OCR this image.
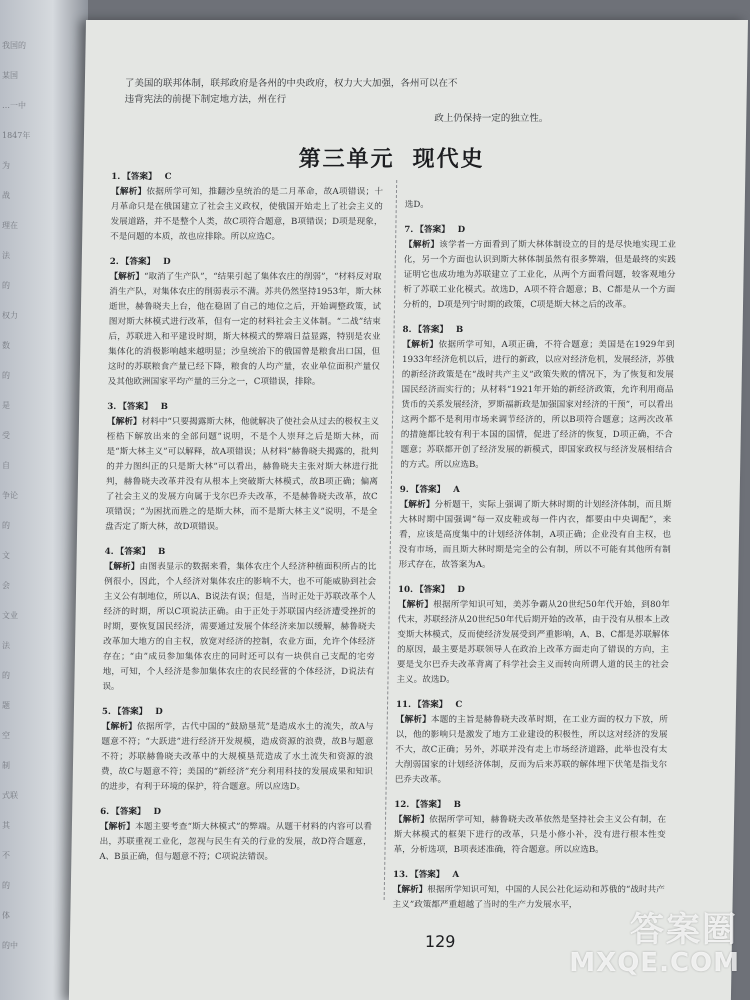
我国的
某国
…一中
1847年
为
战
理在
法
的
权力
数
的
是
受
自
争论
的
文
会
文业
法
的
题
空
制
式联
其
不
的
体
的中
了美国的联邦体制，联邦政府是各州的中央政府，权力大大加强，各州可以在不违背宪法的前提下制定地方法，州在行
政上仍保持一定的独立性。
第三单元 现代史
1. 【答案】 C
【解析】依据所学可知，推翻沙皇统治的是二月革命，故A项错误；十月革命只是在俄国建立了社会主义政权，使俄国开始走上了社会主义的发展道路，并不是整个人类，故C项符合题意，B项错误；D项是现象，不是问题的本质，故也应排除。所以应选C。
2. 【答案】 D
【解析】“取消了生产队”，“结果引起了集体农庄的削弱”，“材料反对取消生产队，对集体农庄的削弱表示不满。苏共仍然坚持1953年，斯大林逝世，赫鲁晓夫上台，他在稳固了自己的地位之后，开始调整政策，试图对斯大林模式进行改革，但有一定的材料社会主义体制。“二战”结束后，苏联进入和平建设时期，斯大林模式的弊端日益显露，特别是农业集体化的消极影响越来越明显；沙皇统治下的俄国曾是粮食出口国，但这时的苏联粮食产量已经下降，粮食的人均产量，农业单位面积产量仅及其他欧洲国家平均产量的三分之一，C项错误，排除。
3. 【答案】 B
【解析】材料中“只要揭露斯大林，他就解决了使社会从过去的极权主义桎梏下解放出来的全部问题”说明，不是个人崇拜之后是斯大林，而是“斯大林主义”可以解释，故A项错误；从材料“赫鲁晓夫揭露的，批判的并力图纠正的只是斯大林”可以看出，赫鲁晓夫主张对斯大林进行批判，赫鲁晓夫改革并没有从根本上突破斯大林模式，故B项正确；偏离了社会主义的发展方向属于戈尔巴乔夫改革，不是赫鲁晓夫改革，故C项错误；“为困扰而胜之的是斯大林，而不是斯大林主义”说明，不是全盘否定了斯大林，故D项错误。
4. 【答案】 B
【解析】由图表显示的数据来看，集体农庄个人经济种植面积所占的比例很小，因此，个人经济对集体农庄的影响不大，也不可能威胁到社会主义公有制地位，所以A、B说法有误；但是，当时正处于苏联改革个人经济的时期，所以C项说法正确。由于正处于苏联国内经济遭受挫折的时期，要恢复国民经济，需要通过发展个体经济来加以缓解，赫鲁晓夫改革加大地方的自主权，放宽对经济的控制，农业方面，允许个体经济存在；“由”成员参加集体农庄的同时还可以有一块供自己支配的宅旁地，可知，个人经济是参加集体农庄的农民经营的个体经济，D说法有误。
5. 【答案】 D
【解析】依据所学，古代中国的“鼓励垦荒”是造成水土的流失，故A与题意不符；“大跃进”进行经济开发规模，造成资源的浪费，故B与题意不符；苏联赫鲁晓夫改革中的大规模垦荒造成了水土流失和资源的浪费，故C与题意不符；美国的“新经济”充分利用科技的发展成果和知识的进步，有利于环境的保护，符合题意。所以应选D。
6. 【答案】 D
【解析】本题主要考查“斯大林模式”的弊端。从题干材料的内容可以看出，苏联重视工业化，忽视与民生有关的行业的发展，故D符合题意，A、B虽正确，但与题意不符；C项说法错误。
选D。
7. 【答案】 D
【解析】该学者一方面看到了斯大林体制设立的目的是尽快地实现工业化，另一个方面也认识到斯大林体制虽然有很多弊端，但是最终的实践证明它也成功地为苏联建立了工业化，从两个方面看问题，较客观地分析了苏联工业化模式。故选D，A项不符合题意；B、C都是从一个方面分析的，D项是列宁时期的政策，C项是斯大林之后的改革。
8. 【答案】 B
【解析】依据所学可知，A项正确，不符合题意；美国是在1929年到1933年经济危机以后，进行的新政，以应对经济危机，发展经济，苏俄的新经济政策是在“战时共产主义”政策失败的情况下，为了恢复和发展国民经济而实行的；从材料“1921年开始的新经济政策，允许利用商品货币的关系发展经济，罗斯福新政是加强国家对经济的干预”，可以看出这两个都不是利用市场来调节经济的，所以B项符合题意；这两次改革的措施都比较有利于本国的国情，促进了经济的恢复，D项正确，不合题意；苏联都开创了经济发展的新模式，即国家政权与经济发展相结合的方式。所以应选B。
9. 【答案】 A
【解析】分析题干，实际上强调了斯大林时期的计划经济体制，而且斯大林时期中国强调“每一双皮鞋或每一件内衣，都要由中央调配”，来看，应该是高度集中的计划经济体制，A项正确；企业没有自主权，也没有市场，而且斯大林时期是完全的公有制，所以不可能有其他所有制形式存在，故答案为A。
10. 【答案】 D
【解析】根据所学知识可知，美苏争霸从20世纪50年代开始，到80年代末，苏联经济从20世纪50年代后期开始的改革，由于没有从根本上改变斯大林模式，反而使经济发展受到严重影响，A、B、C都是苏联解体的原因，最主要是苏联领导人在政治上改革方面走向了错误的方向，主要是戈尔巴乔夫改革背离了科学社会主义而转向所谓人道的民主的社会主义。故选D。
11. 【答案】 C
【解析】本题的主旨是赫鲁晓夫改革时期，在工业方面的权力下放，所以，他的影响只是激发了地方工业建设的积极性，所以这对经济的发展不大，故C正确；另外，苏联并没有走上市场经济道路，此举也没有太大削弱国家的计划经济体制，反而为后来苏联的解体埋下伏笔是指戈尔巴乔夫改革。
12. 【答案】 B
【解析】依据所学可知，赫鲁晓夫改革依然是坚持社会主义公有制，在斯大林模式的框架下进行的改革，只是小修小补，没有进行根本性变革，分析选项，B项表述准确，符合题意。所以应选B。
13. 【答案】 A
【解析】根据所学知识可知，中国的人民公社化运动和苏俄的“战时共产主义”政策都严重超越了当时的生产力发展水平，
129	答案圈
MXQE.COM
